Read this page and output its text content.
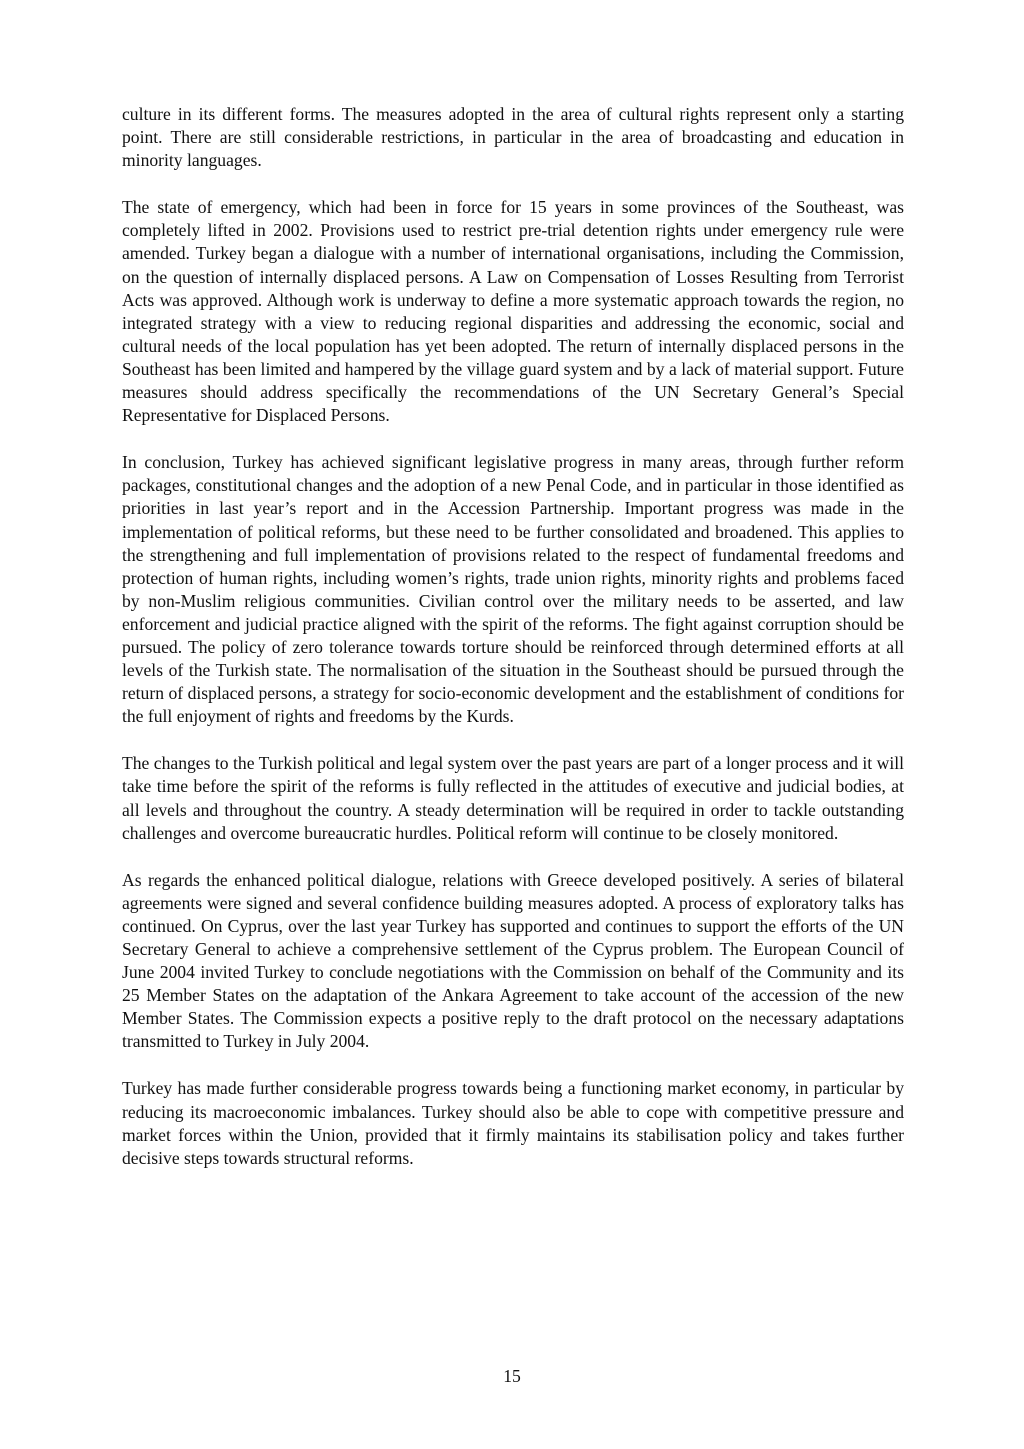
culture in its different forms. The measures adopted in the area of cultural rights represent only a starting point. There are still considerable restrictions, in particular in the area of broadcasting and education in minority languages.

The state of emergency, which had been in force for 15 years in some provinces of the Southeast, was completely lifted in 2002. Provisions used to restrict pre-trial detention rights under emergency rule were amended. Turkey began a dialogue with a number of international organisations, including the Commission, on the question of internally displaced persons. A Law on Compensation of Losses Resulting from Terrorist Acts was approved. Although work is underway to define a more systematic approach towards the region, no integrated strategy with a view to reducing regional disparities and addressing the economic, social and cultural needs of the local population has yet been adopted. The return of internally displaced persons in the Southeast has been limited and hampered by the village guard system and by a lack of material support. Future measures should address specifically the recommendations of the UN Secretary General’s Special Representative for Displaced Persons.

In conclusion, Turkey has achieved significant legislative progress in many areas, through further reform packages, constitutional changes and the adoption of a new Penal Code, and in particular in those identified as priorities in last year’s report and in the Accession Partnership. Important progress was made in the implementation of political reforms, but these need to be further consolidated and broadened. This applies to the strengthening and full implementation of provisions related to the respect of fundamental freedoms and protection of human rights, including women’s rights, trade union rights, minority rights and problems faced by non-Muslim religious communities. Civilian control over the military needs to be asserted, and law enforcement and judicial practice aligned with the spirit of the reforms. The fight against corruption should be pursued. The policy of zero tolerance towards torture should be reinforced through determined efforts at all levels of the Turkish state. The normalisation of the situation in the Southeast should be pursued through the return of displaced persons, a strategy for socio-economic development and the establishment of conditions for the full enjoyment of rights and freedoms by the Kurds.

The changes to the Turkish political and legal system over the past years are part of a longer process and it will take time before the spirit of the reforms is fully reflected in the attitudes of executive and judicial bodies, at all levels and throughout the country. A steady determination will be required in order to tackle outstanding challenges and overcome bureaucratic hurdles. Political reform will continue to be closely monitored.

As regards the enhanced political dialogue, relations with Greece developed positively. A series of bilateral agreements were signed and several confidence building measures adopted. A process of exploratory talks has continued. On Cyprus, over the last year Turkey has supported and continues to support the efforts of the UN Secretary General to achieve a comprehensive settlement of the Cyprus problem. The European Council of June 2004 invited Turkey to conclude negotiations with the Commission on behalf of the Community and its 25 Member States on the adaptation of the Ankara Agreement to take account of the accession of the new Member States. The Commission expects a positive reply to the draft protocol on the necessary adaptations transmitted to Turkey in July 2004.

Turkey has made further considerable progress towards being a functioning market economy, in particular by reducing its macroeconomic imbalances. Turkey should also be able to cope with competitive pressure and market forces within the Union, provided that it firmly maintains its stabilisation policy and takes further decisive steps towards structural reforms.

15
